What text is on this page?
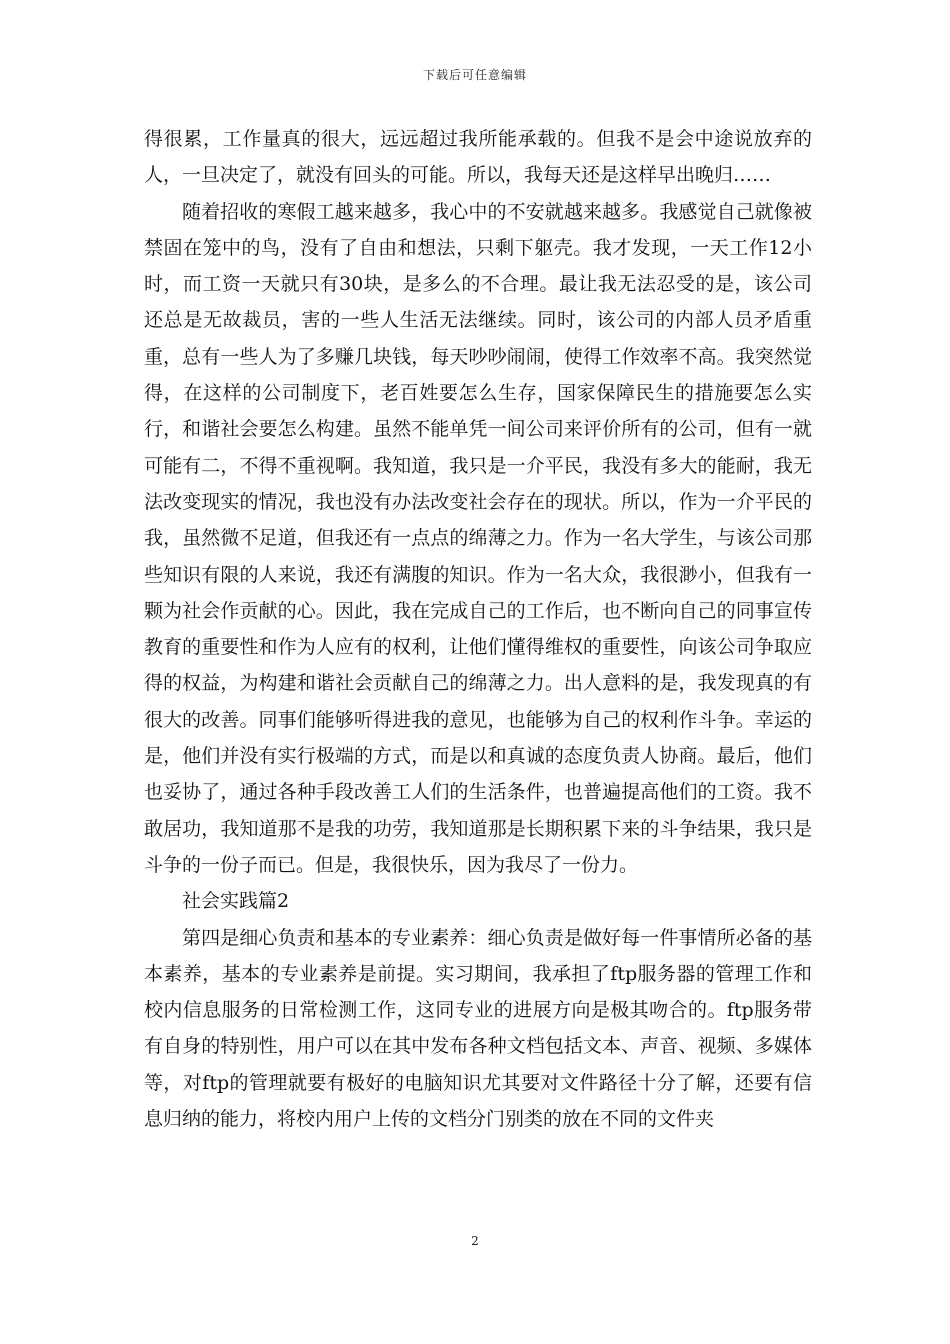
下载后可任意编辑

得很累，工作量真的很大，远远超过我所能承载的。但我不是会中途说放弃的人，一旦决定了，就没有回头的可能。所以，我每天还是这样早出晚归……

随着招收的寒假工越来越多，我心中的不安就越来越多。我感觉自己就像被禁固在笼中的鸟，没有了自由和想法，只剩下躯壳。我才发现，一天工作12小时，而工资一天就只有30块，是多么的不合理。最让我无法忍受的是，该公司还总是无故裁员，害的一些人生活无法继续。同时，该公司的内部人员矛盾重重，总有一些人为了多赚几块钱，每天吵吵闹闹，使得工作效率不高。我突然觉得，在这样的公司制度下，老百姓要怎么生存，国家保障民生的措施要怎么实行，和谐社会要怎么构建。虽然不能单凭一间公司来评价所有的公司，但有一就可能有二，不得不重视啊。我知道，我只是一介平民，我没有多大的能耐，我无法改变现实的情况，我也没有办法改变社会存在的现状。所以，作为一介平民的我，虽然微不足道，但我还有一点点的绵薄之力。作为一名大学生，与该公司那些知识有限的人来说，我还有满腹的知识。作为一名大众，我很渺小，但我有一颗为社会作贡献的心。因此，我在完成自己的工作后，也不断向自己的同事宣传教育的重要性和作为人应有的权利，让他们懂得维权的重要性，向该公司争取应得的权益，为构建和谐社会贡献自己的绵薄之力。出人意料的是，我发现真的有很大的改善。同事们能够听得进我的意见，也能够为自己的权利作斗争。幸运的是，他们并没有实行极端的方式，而是以和真诚的态度负责人协商。最后，他们也妥协了，通过各种手段改善工人们的生活条件，也普遍提高他们的工资。我不敢居功，我知道那不是我的功劳，我知道那是长期积累下来的斗争结果，我只是斗争的一份子而已。但是，我很快乐，因为我尽了一份力。

社会实践篇2

第四是细心负责和基本的专业素养：细心负责是做好每一件事情所必备的基本素养，基本的专业素养是前提。实习期间，我承担了ftp服务器的管理工作和校内信息服务的日常检测工作，这同专业的进展方向是极其吻合的。ftp服务带有自身的特别性，用户可以在其中发布各种文档包括文本、声音、视频、多媒体等，对ftp的管理就要有极好的电脑知识尤其要对文件路径十分了解，还要有信息归纳的能力，将校内用户上传的文档分门别类的放在不同的文件夹

2
